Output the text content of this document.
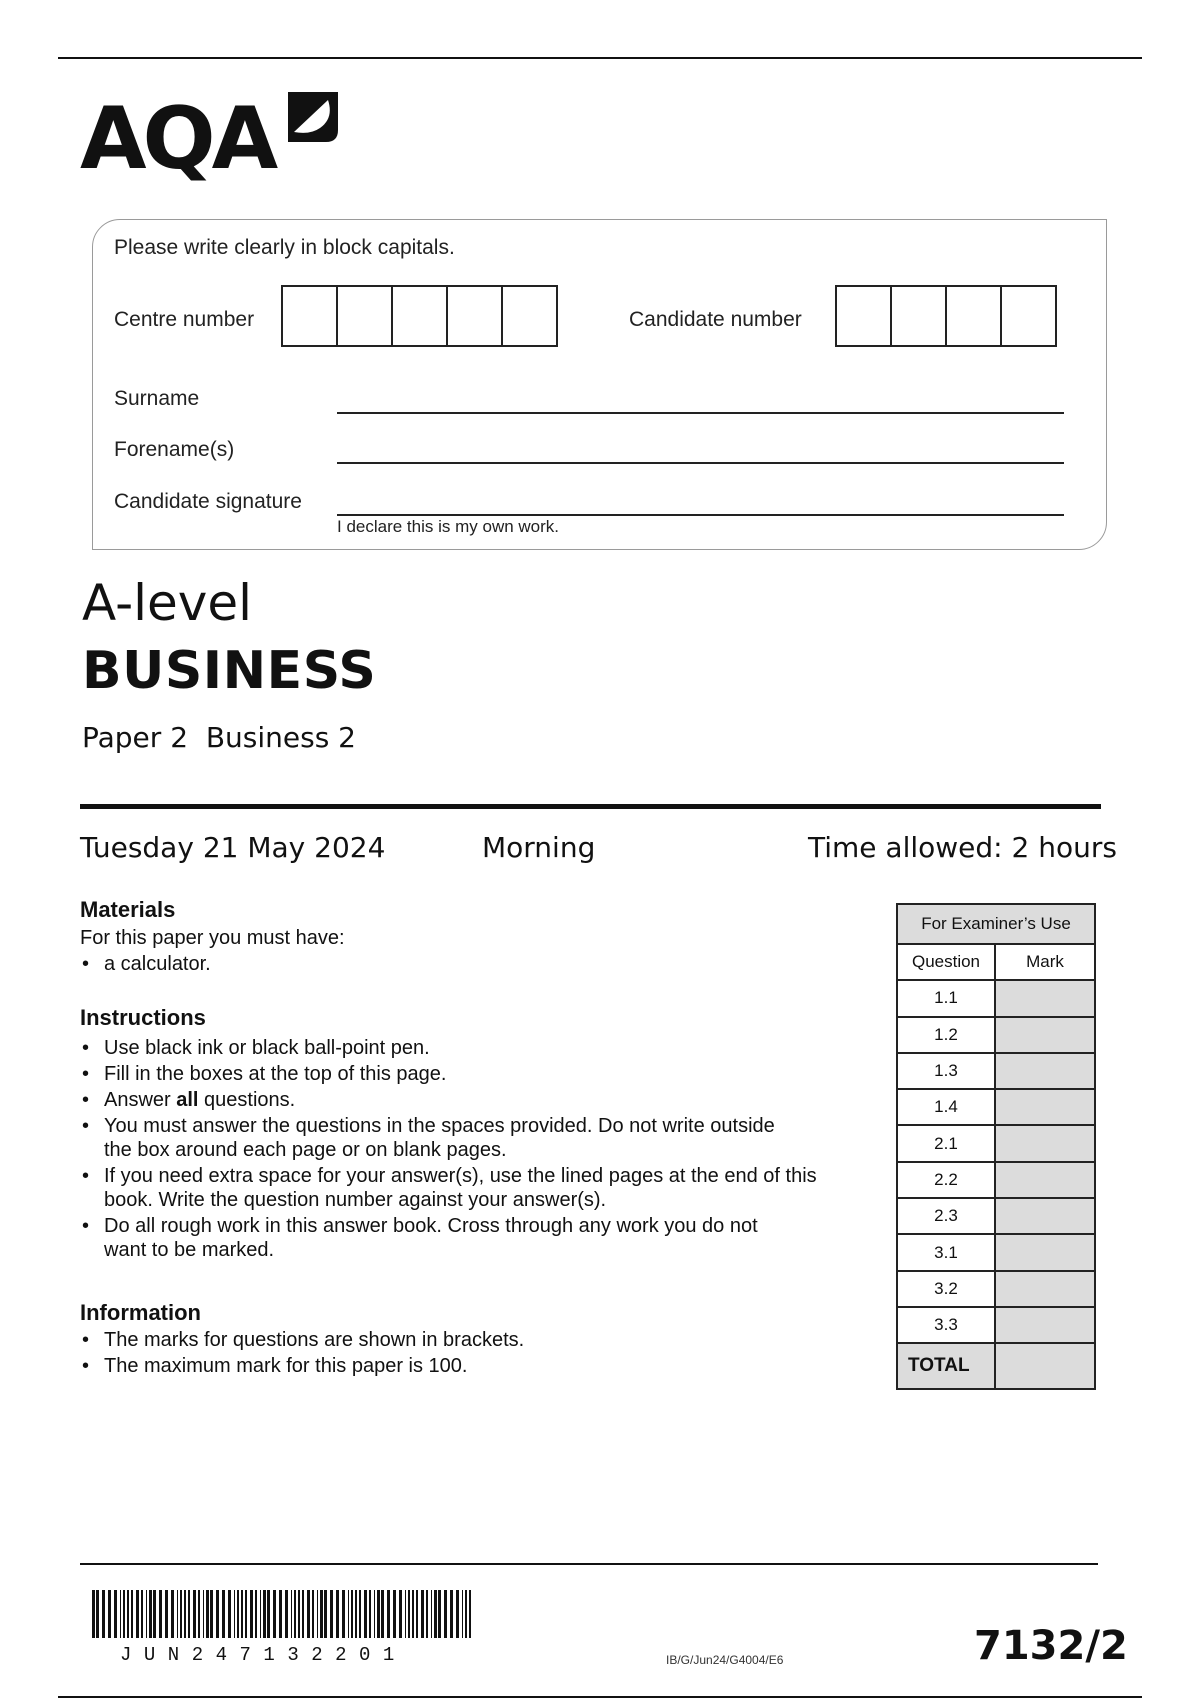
AQA
Please write clearly in block capitals.
Centre number	Candidate number
Surname
Forename(s)
Candidate signature
I declare this is my own work.
A-level
BUSINESS
Paper 2  Business 2
Tuesday 21 May 2024	Morning	Time allowed: 2 hours
Materials
For this paper you must have:
• a calculator.
Instructions
• Use black ink or black ball-point pen.
• Fill in the boxes at the top of this page.
• Answer all questions.
• You must answer the questions in the spaces provided. Do not write outside the box around each page or on blank pages.
• If you need extra space for your answer(s), use the lined pages at the end of this book. Write the question number against your answer(s).
• Do all rough work in this answer book. Cross through any work you do not want to be marked.
Information
• The marks for questions are shown in brackets.
• The maximum mark for this paper is 100.
For Examiner’s Use
Question	Mark
1.1
1.2
1.3
1.4
2.1
2.2
2.3
3.1
3.2
3.3
TOTAL
JUN247132201	IB/G/Jun24/G4004/E6	7132/2
